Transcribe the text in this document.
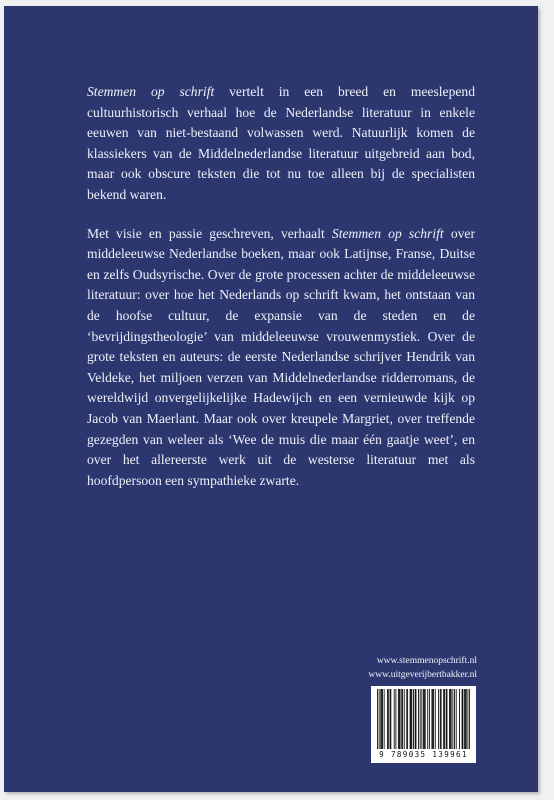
Stemmen op schrift vertelt in een breed en meeslepend cultuurhistorisch verhaal hoe de Nederlandse literatuur in enkele eeuwen van niet-bestaand volwassen werd. Natuurlijk komen de klassiekers van de Middelnederlandse literatuur uitgebreid aan bod, maar ook obscure teksten die tot nu toe alleen bij de specialisten bekend waren.

Met visie en passie geschreven, verhaalt Stemmen op schrift over middeleeuwse Nederlandse boeken, maar ook Latijnse, Franse, Duitse en zelfs Oudsyrische. Over de grote processen achter de middeleeuwse literatuur: over hoe het Nederlands op schrift kwam, het ontstaan van de hoofse cultuur, de expansie van de steden en de ‘bevrijdingstheologie’ van middeleeuwse vrouwenmystiek. Over de grote teksten en auteurs: de eerste Nederlandse schrijver Hendrik van Veldeke, het miljoen verzen van Middelnederlandse ridderromans, de wereldwijd onvergelijkelijke Hadewijch en een vernieuwde kijk op Jacob van Maerlant. Maar ook over kreupele Margriet, over treffende gezegden van weleer als ‘Wee de muis die maar één gaatje weet’, en over het allereerste werk uit de westerse literatuur met als hoofdpersoon een sympathieke zwarte.

www.stemmenopschrift.nl
www.uitgeverijbertbakker.nl
9 789035 139961
